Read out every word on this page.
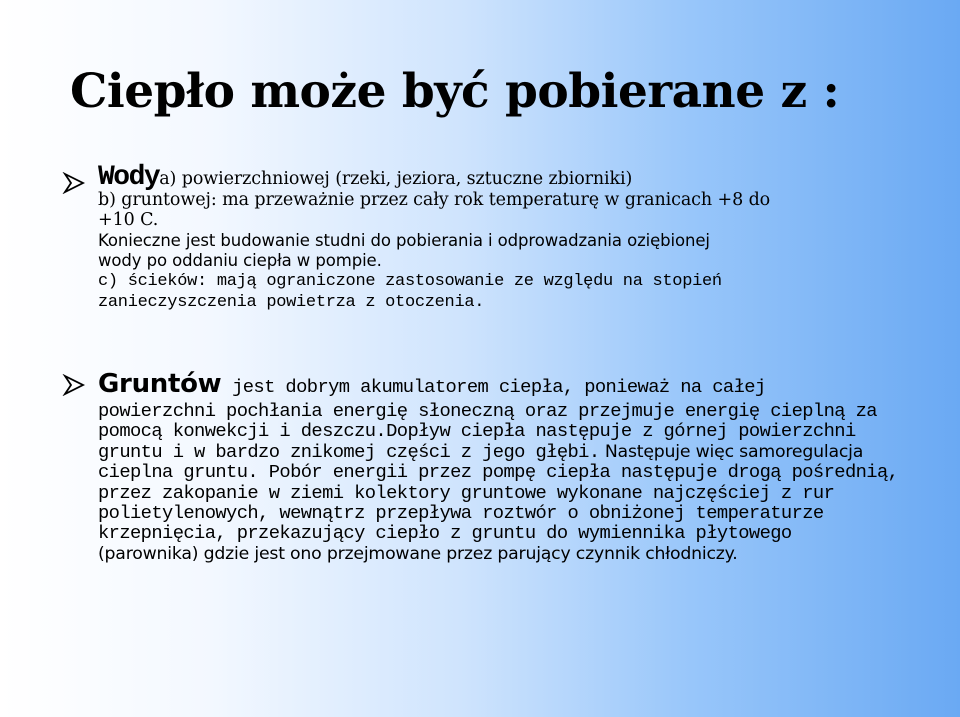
Ciepło może być pobierane z :
Wodya) powierzchniowej (rzeki, jeziora, sztuczne zbiorniki)
b) gruntowej: ma przeważnie przez cały rok temperaturę w granicach +8 do
+10 C.
Konieczne jest budowanie studni do pobierania i odprowadzania oziębionej
wody po oddaniu ciepła w pompie.
c) ścieków: mają ograniczone zastosowanie ze względu na stopień
zanieczyszczenia powietrza z otoczenia.
Gruntów jest dobrym akumulatorem ciepła, ponieważ na całej
powierzchni pochłania energię słoneczną oraz przejmuje energię cieplną za
pomocą konwekcji i deszczu.Dopływ ciepła następuje z górnej powierzchni
gruntu i w bardzo znikomej części z jego głębi. Następuje więc samoregulacja
cieplna gruntu. Pobór energii przez pompę ciepła następuje drogą pośrednią,
przez zakopanie w ziemi kolektory gruntowe wykonane najczęściej z rur
polietylenowych, wewnątrz przepływa roztwór o obniżonej temperaturze
krzepnięcia, przekazujący ciepło z gruntu do wymiennika płytowego
(parownika) gdzie jest ono przejmowane przez parujący czynnik chłodniczy.
